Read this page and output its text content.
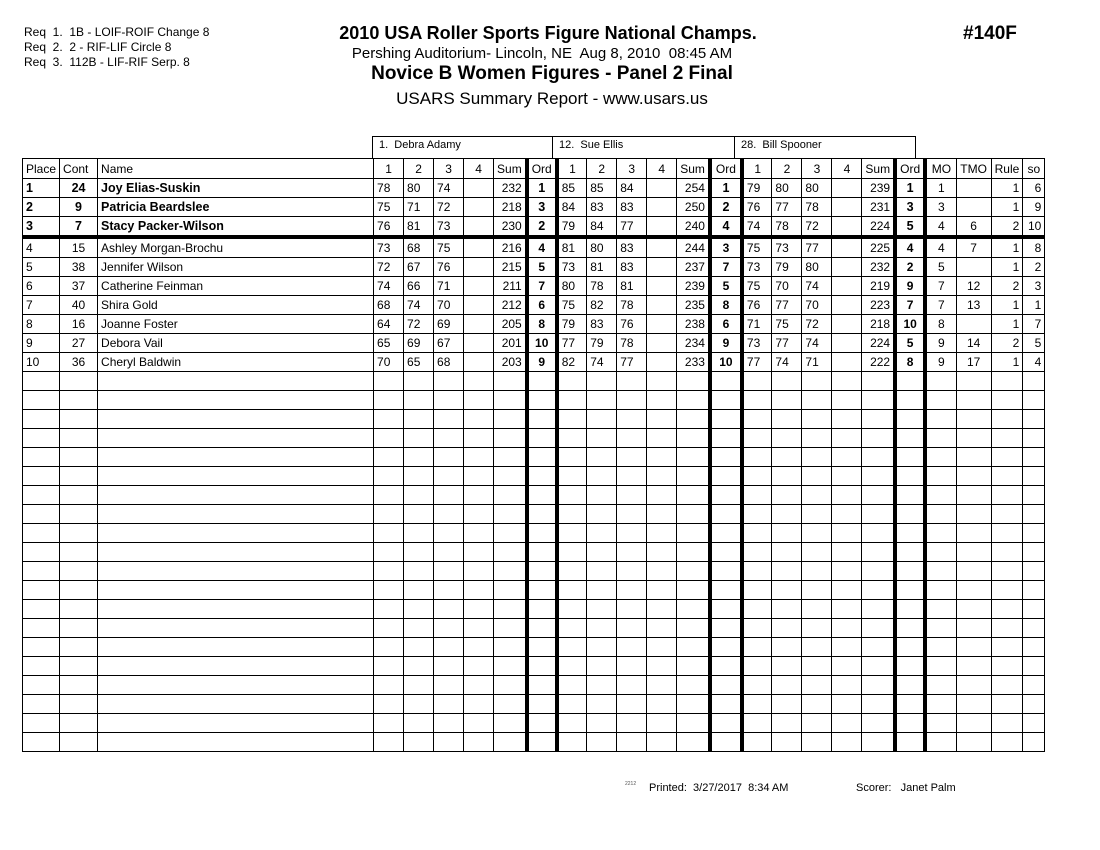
Req  1.  1B - LOIF-ROIF Change 8
Req  2.  2 - RIF-LIF Circle 8
Req  3.  112B - LIF-RIF Serp. 8
2010 USA Roller Sports Figure National Champs.
Pershing Auditorium- Lincoln, NE  Aug 8, 2010  08:45 AM
Novice B Women Figures - Panel 2 Final
USARS Summary Report - www.usars.us
#140F
1.  Debra Adamy	12.  Sue Ellis	28.  Bill Spooner
Place	Cont	Name	1	2	3	4	Sum	Ord	1	2	3	4	Sum	Ord	1	2	3	4	Sum	Ord	MO	TMO	Rule	so
1	24	Joy Elias-Suskin	78	80	74		232	1	85	85	84		254	1	79	80	80		239	1	1		1	6
2	9	Patricia Beardslee	75	71	72		218	3	84	83	83		250	2	76	77	78		231	3	3		1	9
3	7	Stacy Packer-Wilson	76	81	73		230	2	79	84	77		240	4	74	78	72		224	5	4	6	2	10
4	15	Ashley Morgan-Brochu	73	68	75		216	4	81	80	83		244	3	75	73	77		225	4	4	7	1	8
5	38	Jennifer Wilson	72	67	76		215	5	73	81	83		237	7	73	79	80		232	2	5		1	2
6	37	Catherine Feinman	74	66	71		211	7	80	78	81		239	5	75	70	74		219	9	7	12	2	3
7	40	Shira Gold	68	74	70		212	6	75	82	78		235	8	76	77	70		223	7	7	13	1	1
8	16	Joanne Foster	64	72	69		205	8	79	83	76		238	6	71	75	72		218	10	8		1	7
9	27	Debora Vail	65	69	67		201	10	77	79	78		234	9	73	77	74		224	5	9	14	2	5
10	36	Cheryl Baldwin	70	65	68		203	9	82	74	77		233	10	77	74	71		222	8	9	17	1	4

2212 Printed:  3/27/2017  8:34 AM	Scorer:   Janet Palm
